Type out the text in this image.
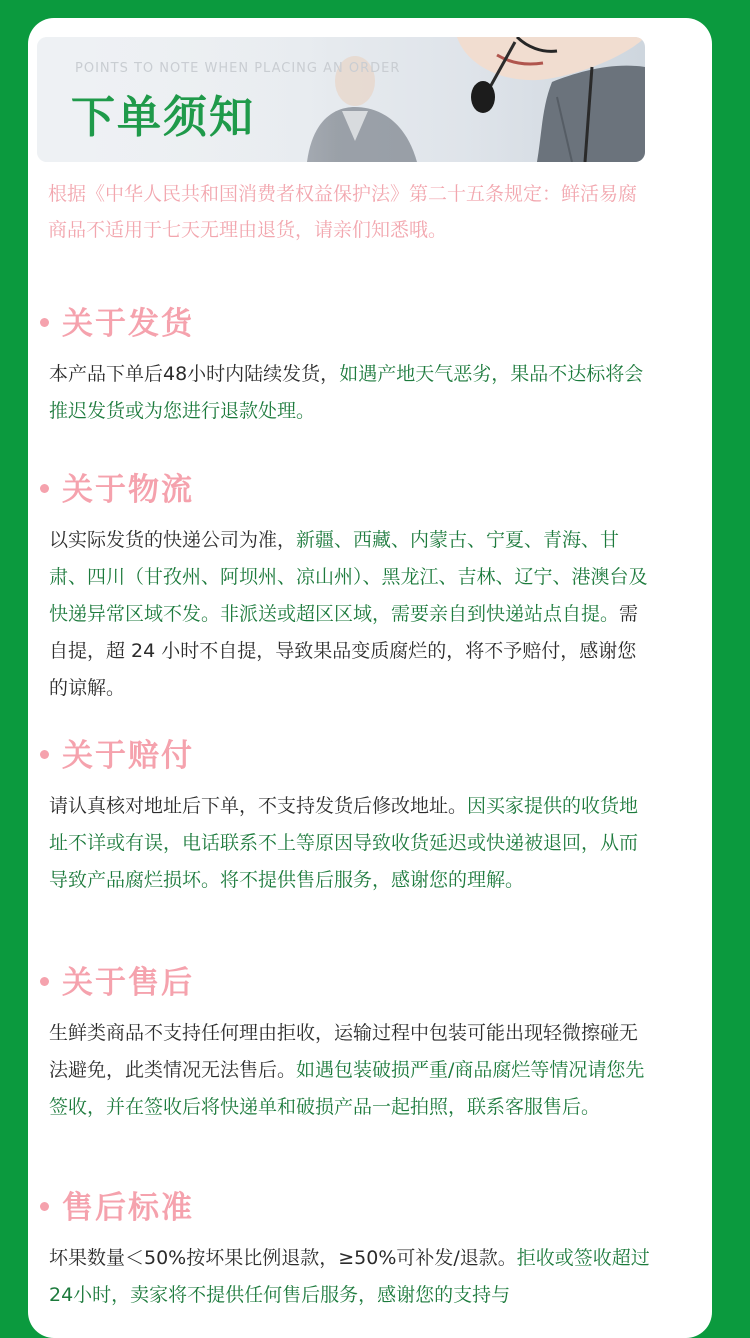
POINTS TO NOTE WHEN PLACING AN ORDER
下单须知
根据《中华人民共和国消费者权益保护法》第二十五条规定：鲜活易腐商品不适用于七天无理由退货，请亲们知悉哦。
关于发货
本产品下单后48小时内陆续发货，如遇产地天气恶劣，果品不达标将会推迟发货或为您进行退款处理。
关于物流
以实际发货的快递公司为准，新疆、西藏、内蒙古、宁夏、青海、甘肃、四川（甘孜州、阿坝州、凉山州）、黑龙江、吉林、辽宁、港澳台及快递异常区域不发。非派送或超区区域，需要亲自到快递站点自提。需自提，超 24 小时不自提，导致果品变质腐烂的，将不予赔付，感谢您的谅解。
关于赔付
请认真核对地址后下单，不支持发货后修改地址。因买家提供的收货地址不详或有误，电话联系不上等原因导致收货延迟或快递被退回，从而导致产品腐烂损坏。将不提供售后服务，感谢您的理解。
关于售后
生鲜类商品不支持任何理由拒收，运输过程中包装可能出现轻微擦碰无法避免，此类情况无法售后。如遇包装破损严重/商品腐烂等情况请您先签收，并在签收后将快递单和破损产品一起拍照，联系客服售后。
售后标准
坏果数量＜50%按坏果比例退款，≥50%可补发/退款。拒收或签收超过24小时，卖家将不提供任何售后服务，感谢您的支持与
